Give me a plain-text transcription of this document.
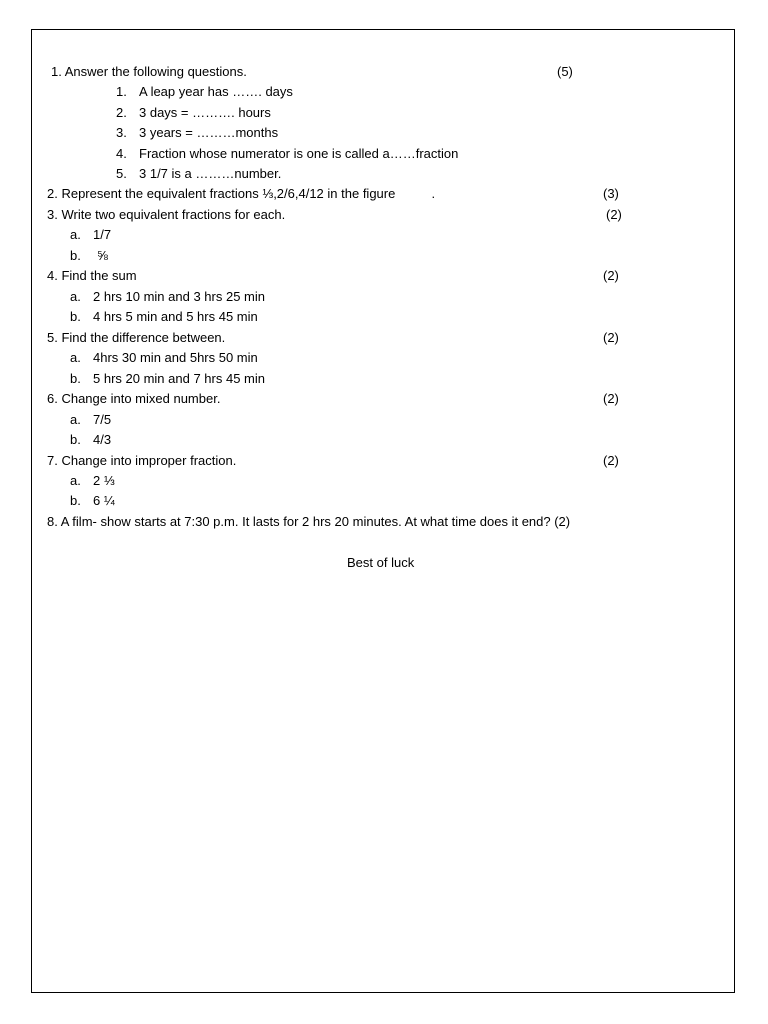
1. Answer the following questions.	(5)
1. A leap year has ……. days
2. 3 days = ………. hours
3. 3 years = ………months
4. Fraction whose numerator is one is called a……fraction
5. 3 1/7 is a ………number.
2. Represent the equivalent fractions ⅓,2/6,4/12 in the figure          .	(3)
3. Write two equivalent fractions for each.	(2)
a. 1/7
b. ⅝
4. Find the sum	(2)
a. 2 hrs 10 min and 3 hrs 25 min
b. 4 hrs 5 min and 5 hrs 45 min
5. Find the difference between.	(2)
a. 4hrs 30 min and 5hrs 50 min
b. 5 hrs 20 min and 7 hrs 45 min
6. Change into mixed number.	(2)
a. 7/5
b. 4/3
7. Change into improper fraction.	(2)
a. 2 ⅓
b. 6 ¼
8. A film- show starts at 7:30 p.m. It lasts for 2 hrs 20 minutes. At what time does it end? (2)
Best of luck
